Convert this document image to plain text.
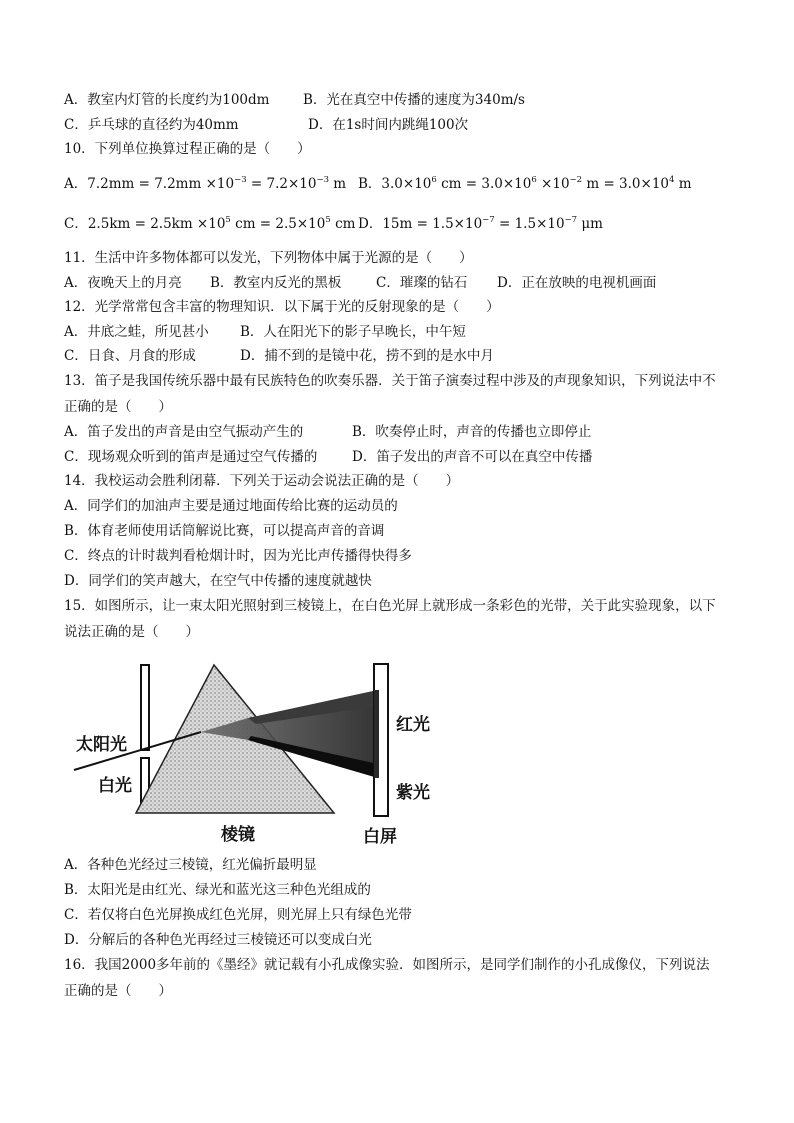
A．教室内灯管的长度约为100dm B．光在真空中传播的速度为340m/s
C．乒乓球的直径约为40mm	D．在1s时间内跳绳100次
10．下列单位换算过程正确的是（　　）
A．$7.2mm = 7.2mm \times 10^{-3} = 7.2\times 10^{-3}$ m B．$3.0\times 10^6$ cm = $3.0\times 10^6 \times 10^{-2}$ $m = 3.0\times 10^4$ m
C．$2.5km = 2.5km \times 10^5$ cm = $2.5\times 10^5$ cm D．$15m = 1.5\times 10^{-7} = 1.5\times 10^{-7}$ μm
11．生活中许多物体都可以发光，下列物体中属于光源的是（　　）
A．夜晚天上的月亮 B．教室内反光的黑板	C．璀璨的钻石 D．正在放映的电视机画面
12．光学常常包含丰富的物理知识．以下属于光的反射现象的是（　　）
A．井底之蛙，所见甚小 B．人在阳光下的影子早晚长，中午短
C．日食、月食的形成	D．捕不到的是镜中花，捞不到的是水中月
13．笛子是我国传统乐器中最有民族特色的吹奏乐器．关于笛子演奏过程中涉及的声现象知识，下列说法中不
正确的是（　　）
A．笛子发出的声音是由空气振动产生的	B．吹奏停止时，声音的传播也立即停止
C．现场观众听到的笛声是通过空气传播的	D．笛子发出的声音不可以在真空中传播
14．我校运动会胜利闭幕．下列关于运动会说法正确的是（　　）
A．同学们的加油声主要是通过地面传给比赛的运动员的
B．体育老师使用话筒解说比赛，可以提高声音的音调
C．终点的计时裁判看枪烟计时，因为光比声传播得快得多
D．同学们的笑声越大，在空气中传播的速度就越快
15．如图所示，让一束太阳光照射到三棱镜上，在白色光屏上就形成一条彩色的光带，关于此实验现象，以下
说法正确的是（　　）
太阳光
白光
棱镜
红光
紫光
白屏
A．各种色光经过三棱镜，红光偏折最明显
B．太阳光是由红光、绿光和蓝光这三种色光组成的
C．若仅将白色光屏换成红色光屏，则光屏上只有绿色光带
D．分解后的各种色光再经过三棱镜还可以变成白光
16．我国2000多年前的《墨经》就记载有小孔成像实验．如图所示，是同学们制作的小孔成像仪，下列说法
正确的是（　　）
